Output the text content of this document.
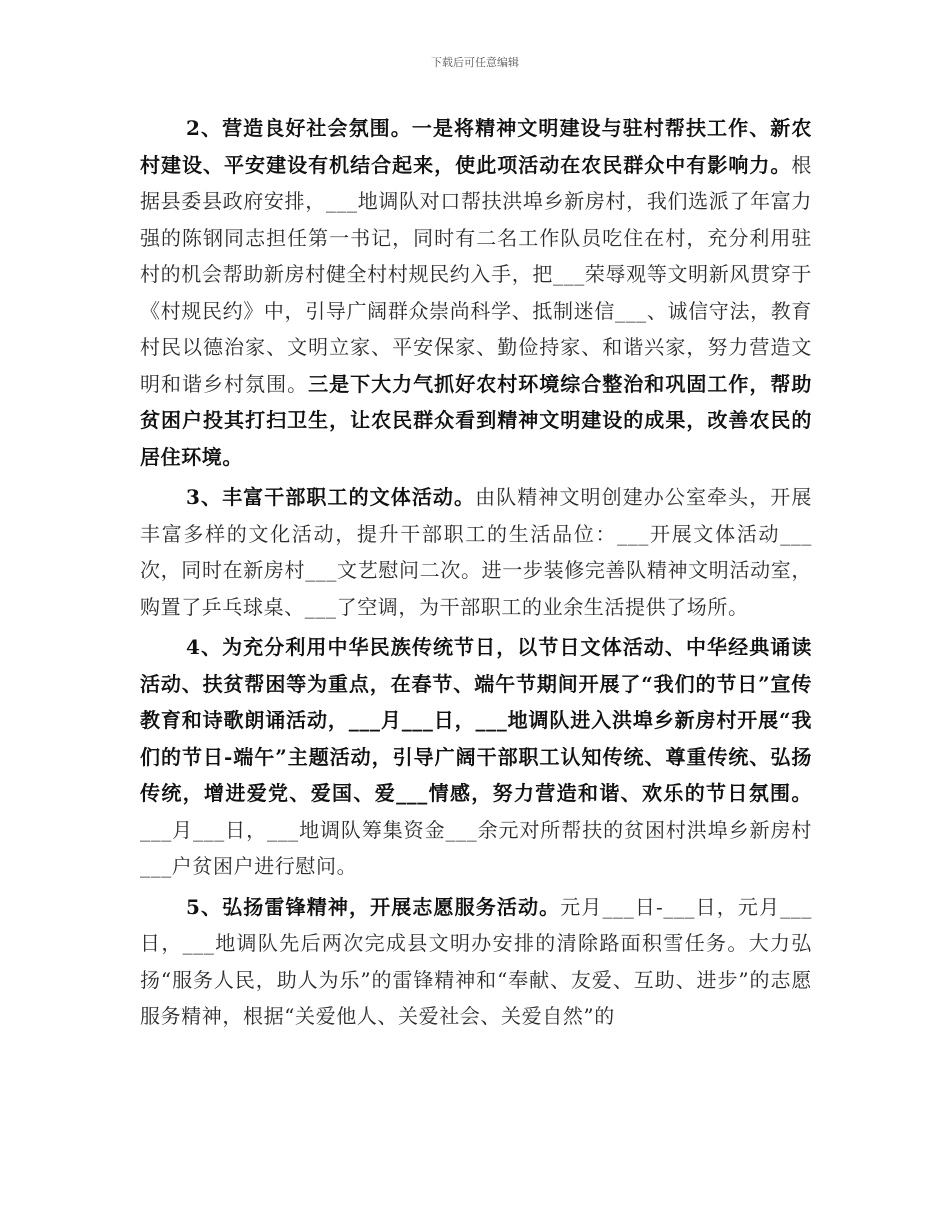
下载后可任意编辑

2、营造良好社会氛围。一是将精神文明建设与驻村帮扶工作、新农村建设、平安建设有机结合起来，使此项活动在农民群众中有影响力。根据县委县政府安排，___地调队对口帮扶洪埠乡新房村，我们选派了年富力强的陈钢同志担任第一书记，同时有二名工作队员吃住在村，充分利用驻村的机会帮助新房村健全村村规民约入手，把___荣辱观等文明新风贯穿于《村规民约》中，引导广阔群众崇尚科学、抵制迷信___、诚信守法，教育村民以德治家、文明立家、平安保家、勤俭持家、和谐兴家，努力营造文明和谐乡村氛围。三是下大力气抓好农村环境综合整治和巩固工作，帮助贫困户投其打扫卫生，让农民群众看到精神文明建设的成果，改善农民的居住环境。

3、丰富干部职工的文体活动。由队精神文明创建办公室牵头，开展丰富多样的文化活动，提升干部职工的生活品位：___开展文体活动___次，同时在新房村___文艺慰问二次。进一步装修完善队精神文明活动室，购置了乒乓球桌、___了空调，为干部职工的业余生活提供了场所。

4、为充分利用中华民族传统节日，以节日文体活动、中华经典诵读活动、扶贫帮困等为重点，在春节、端午节期间开展了“我们的节日”宣传教育和诗歌朗诵活动，___月___日，___地调队进入洪埠乡新房村开展“我们的节日-端午”主题活动，引导广阔干部职工认知传统、尊重传统、弘扬传统，增进爱党、爱国、爱___情感，努力营造和谐、欢乐的节日氛围。___月___日，___地调队筹集资金___余元对所帮扶的贫困村洪埠乡新房村___户贫困户进行慰问。

5、弘扬雷锋精神，开展志愿服务活动。元月___日-___日，元月___日，___地调队先后两次完成县文明办安排的清除路面积雪任务。大力弘扬“服务人民，助人为乐”的雷锋精神和“奉献、友爱、互助、进步”的志愿服务精神，根据“关爱他人、关爱社会、关爱自然”的
